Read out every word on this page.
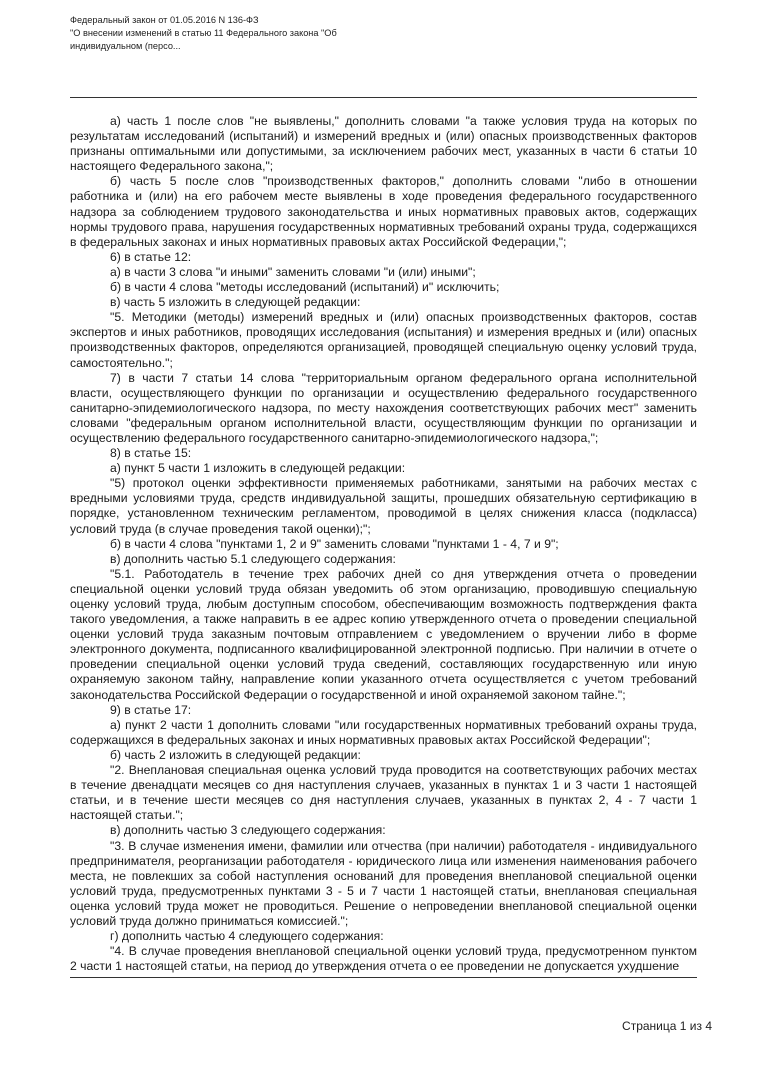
Федеральный закон от 01.05.2016 N 136-ФЗ
"О внесении изменений в статью 11 Федерального закона "Об
индивидуальном (персо...

а) часть 1 после слов "не выявлены," дополнить словами "а также условия труда на которых по результатам исследований (испытаний) и измерений вредных и (или) опасных производственных факторов признаны оптимальными или допустимыми, за исключением рабочих мест, указанных в части 6 статьи 10 настоящего Федерального закона,";

б) часть 5 после слов "производственных факторов," дополнить словами "либо в отношении работника и (или) на его рабочем месте выявлены в ходе проведения федерального государственного надзора за соблюдением трудового законодательства и иных нормативных правовых актов, содержащих нормы трудового права, нарушения государственных нормативных требований охраны труда, содержащихся в федеральных законах и иных нормативных правовых актах Российской Федерации,";

6) в статье 12:

а) в части 3 слова "и иными" заменить словами "и (или) иными";

б) в части 4 слова "методы исследований (испытаний) и" исключить;

в) часть 5 изложить в следующей редакции:

"5. Методики (методы) измерений вредных и (или) опасных производственных факторов, состав экспертов и иных работников, проводящих исследования (испытания) и измерения вредных и (или) опасных производственных факторов, определяются организацией, проводящей специальную оценку условий труда, самостоятельно.";

7) в части 7 статьи 14 слова "территориальным органом федерального органа исполнительной власти, осуществляющего функции по организации и осуществлению федерального государственного санитарно-эпидемиологического надзора, по месту нахождения соответствующих рабочих мест" заменить словами "федеральным органом исполнительной власти, осуществляющим функции по организации и осуществлению федерального государственного санитарно-эпидемиологического надзора,";

8) в статье 15:

а) пункт 5 части 1 изложить в следующей редакции:

"5) протокол оценки эффективности применяемых работниками, занятыми на рабочих местах с вредными условиями труда, средств индивидуальной защиты, прошедших обязательную сертификацию в порядке, установленном техническим регламентом, проводимой в целях снижения класса (подкласса) условий труда (в случае проведения такой оценки);";

б) в части 4 слова "пунктами 1, 2 и 9" заменить словами "пунктами 1 - 4, 7 и 9";

в) дополнить частью 5.1 следующего содержания:

"5.1. Работодатель в течение трех рабочих дней со дня утверждения отчета о проведении специальной оценки условий труда обязан уведомить об этом организацию, проводившую специальную оценку условий труда, любым доступным способом, обеспечивающим возможность подтверждения факта такого уведомления, а также направить в ее адрес копию утвержденного отчета о проведении специальной оценки условий труда заказным почтовым отправлением с уведомлением о вручении либо в форме электронного документа, подписанного квалифицированной электронной подписью. При наличии в отчете о проведении специальной оценки условий труда сведений, составляющих государственную или иную охраняемую законом тайну, направление копии указанного отчета осуществляется с учетом требований законодательства Российской Федерации о государственной и иной охраняемой законом тайне.";

9) в статье 17:

а) пункт 2 части 1 дополнить словами "или государственных нормативных требований охраны труда, содержащихся в федеральных законах и иных нормативных правовых актах Российской Федерации";

б) часть 2 изложить в следующей редакции:

"2. Внеплановая специальная оценка условий труда проводится на соответствующих рабочих местах в течение двенадцати месяцев со дня наступления случаев, указанных в пунктах 1 и 3 части 1 настоящей статьи, и в течение шести месяцев со дня наступления случаев, указанных в пунктах 2, 4 - 7 части 1 настоящей статьи.";

в) дополнить частью 3 следующего содержания:

"3. В случае изменения имени, фамилии или отчества (при наличии) работодателя - индивидуального предпринимателя, реорганизации работодателя - юридического лица или изменения наименования рабочего места, не повлекших за собой наступления оснований для проведения внеплановой специальной оценки условий труда, предусмотренных пунктами 3 - 5 и 7 части 1 настоящей статьи, внеплановая специальная оценка условий труда может не проводиться. Решение о непроведении внеплановой специальной оценки условий труда должно приниматься комиссией.";

г) дополнить частью 4 следующего содержания:

"4. В случае проведения внеплановой специальной оценки условий труда, предусмотренном пунктом 2 части 1 настоящей статьи, на период до утверждения отчета о ее проведении не допускается ухудшение

Страница 1 из 4
